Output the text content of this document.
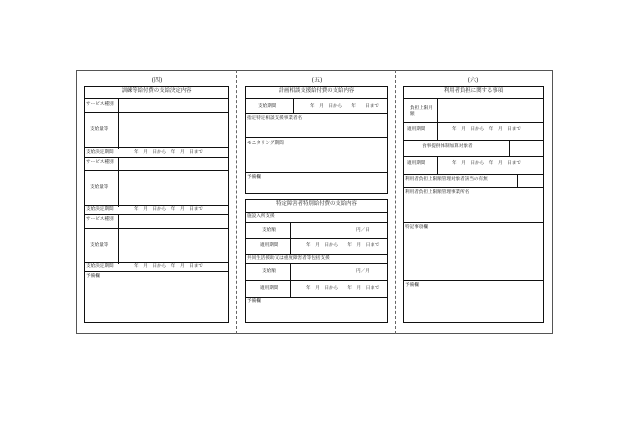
(四)
訓練等給付費の支給決定内容
サービス種別
支給量等
支給決定期間	年　月　日から　年　月　日まで
サービス種別
支給量等
支給決定期間	年　月　日から　年　月　日まで
サービス種別
支給量等
支給決定期間	年　月　日から　年　月　日まで
予備欄
(五)
計画相談支援給付費の支給内容
支給期間	年　月　日から　　年　　日まで
指定特定相談支援事業者名
モニタリング期間
予備欄
特定障害者特別給付費の支給内容
施設入所支援
支給額	円／日
適用期間	年　月　日から　　年　月　日まで
共同生活援助又は重度障害者等包括支援
支給額	円／月
適用期間	年　月　日から　　年　月　日まで
予備欄
(六)
利用者負担に関する事項
負担上限月額
適用期間	年　月　日から　年　月　日まで
食事提供体制加算対象者
適用期間	年　月　日から　年　月　日まで
利用者負担上限額管理対象者該当の有無
利用者負担上限額管理事業所名
特記事項欄
予備欄
